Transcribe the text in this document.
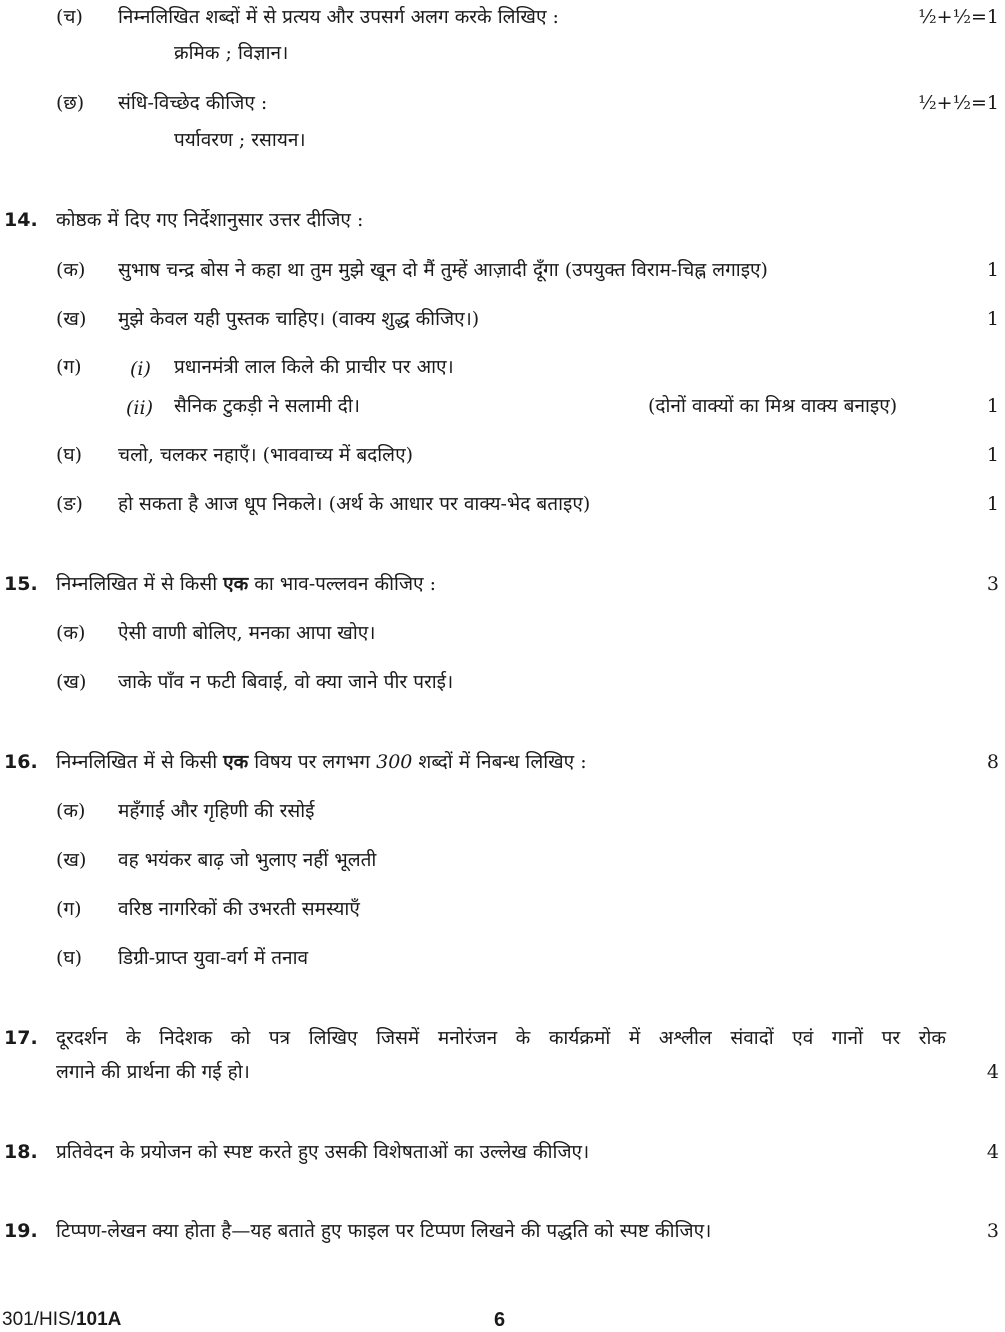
(च) निम्नलिखित शब्दों में से प्रत्यय और उपसर्ग अलग करके लिखिए :	½+½=1
क्रमिक ; विज्ञान।
(छ) संधि-विच्छेद कीजिए :	½+½=1
पर्यावरण ; रसायन।
14. कोष्ठक में दिए गए निर्देशानुसार उत्तर दीजिए :
(क) सुभाष चन्द्र बोस ने कहा था तुम मुझे खून दो मैं तुम्हें आज़ादी दूँगा (उपयुक्त विराम-चिह्न लगाइए)	1
(ख) मुझे केवल यही पुस्तक चाहिए। (वाक्य शुद्ध कीजिए।)	1
(ग)	(i) प्रधानमंत्री लाल किले की प्राचीर पर आए।
(ii) सैनिक टुकड़ी ने सलामी दी।	(दोनों वाक्यों का मिश्र वाक्य बनाइए)	1
(घ) चलो, चलकर नहाएँ। (भाववाच्य में बदलिए)	1
(ङ) हो सकता है आज धूप निकले। (अर्थ के आधार पर वाक्य-भेद बताइए)	1
15. निम्नलिखित में से किसी एक का भाव-पल्लवन कीजिए :	3
(क) ऐसी वाणी बोलिए, मनका आपा खोए।
(ख) जाके पाँव न फटी बिवाई, वो क्या जाने पीर पराई।
16. निम्नलिखित में से किसी एक विषय पर लगभग 300 शब्दों में निबन्ध लिखिए :	8
(क) महँगाई और गृहिणी की रसोई
(ख) वह भयंकर बाढ़ जो भुलाए नहीं भूलती
(ग) वरिष्ठ नागरिकों की उभरती समस्याएँ
(घ) डिग्री-प्राप्त युवा-वर्ग में तनाव
17. दूरदर्शन के निदेशक को पत्र लिखिए जिसमें मनोरंजन के कार्यक्रमों में अश्लील संवादों एवं गानों पर रोक
लगाने की प्रार्थना की गई हो।	4
18. प्रतिवेदन के प्रयोजन को स्पष्ट करते हुए उसकी विशेषताओं का उल्लेख कीजिए।	4
19. टिप्पण-लेखन क्या होता है—यह बताते हुए फाइल पर टिप्पण लिखने की पद्धति को स्पष्ट कीजिए।	3
301/HIS/101A	6
